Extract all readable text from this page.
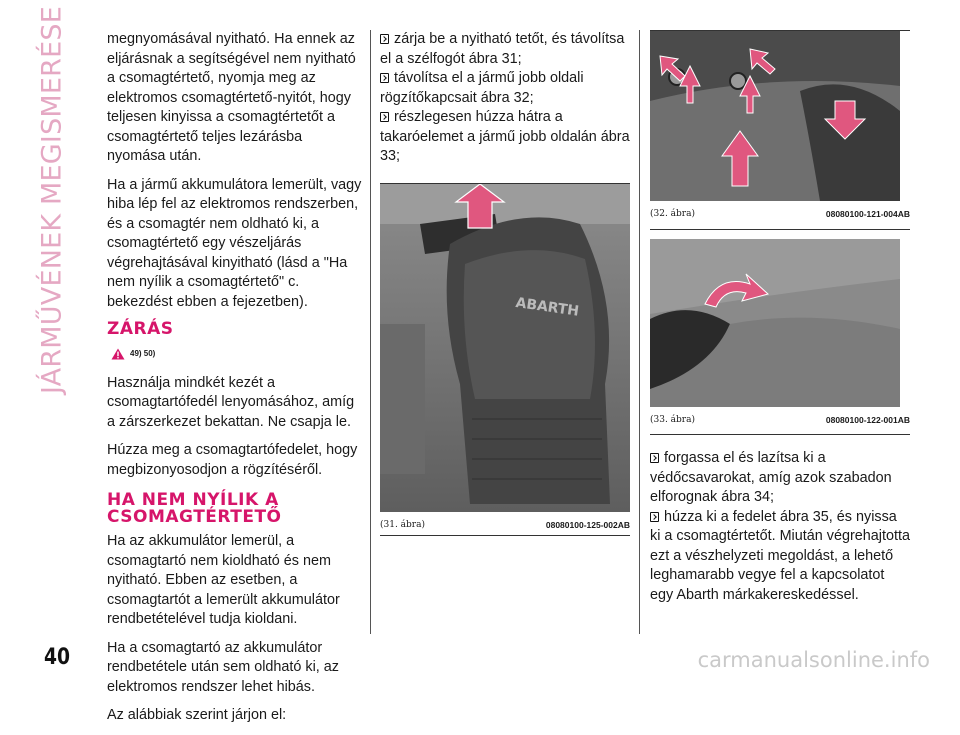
JÁRMŰVÉNEK MEGISMERÉSE	megnyomásával nyitható. Ha ennek az eljárásnak a segítségével nem nyitható a csomagtértető, nyomja meg az elektromos csomagtértető-nyitót, hogy teljesen kinyissa a csomagtértetőt a csomagtértető teljes lezárásba nyomása után.

Ha a jármű akkumulátora lemerült, vagy hiba lép fel az elektromos rendszerben, és a csomagtér nem oldható ki, a csomagtértető egy vészeljárás végrehajtásával kinyitható (lásd a "Ha nem nyílik a csomagtértető" c. bekezdést ebben a fejezetben).

ZÁRÁS
49) 50)

Használja mindkét kezét a csomagtartófedél lenyomásához, amíg a zárszerkezet bekattan. Ne csapja le.

Húzza meg a csomagtartófedelet, hogy megbizonyosodjon a rögzítéséről.

HA NEM NYÍLIK A
CSOMAGTÉRTETŐ

Ha az akkumulátor lemerül, a csomagtartó nem kioldható és nem nyitható. Ebben az esetben, a csomagtartót a lemerült akkumulátor rendbetételével tudja kioldani.

Ha a csomagtartó az akkumulátor rendbetétele után sem oldható ki, az elektromos rendszer lehet hibás.

Az alábbiak szerint járjon el:

zárja be a nyitható tetőt, és távolítsa el a szélfogót ábra 31;
távolítsa el a jármű jobb oldali rögzítőkapcsait ábra 32;
részlegesen húzza hátra a takaróelemet a jármű jobb oldalán ábra 33;
ABARTH
(31. ábra)	08080100-125-002AB
(32. ábra)	08080100-121-004AB
(33. ábra)	08080100-122-001AB
forgassa el és lazítsa ki a védőcsavarokat, amíg azok szabadon elforognak ábra 34;
húzza ki a fedelet ábra 35, és nyissa ki a csomagtértetőt. Miután végrehajtotta ezt a vészhelyzeti megoldást, a lehető leghamarabb vegye fel a kapcsolatot egy Abarth márkakereskedéssel.
40	carmanualsonline.info
